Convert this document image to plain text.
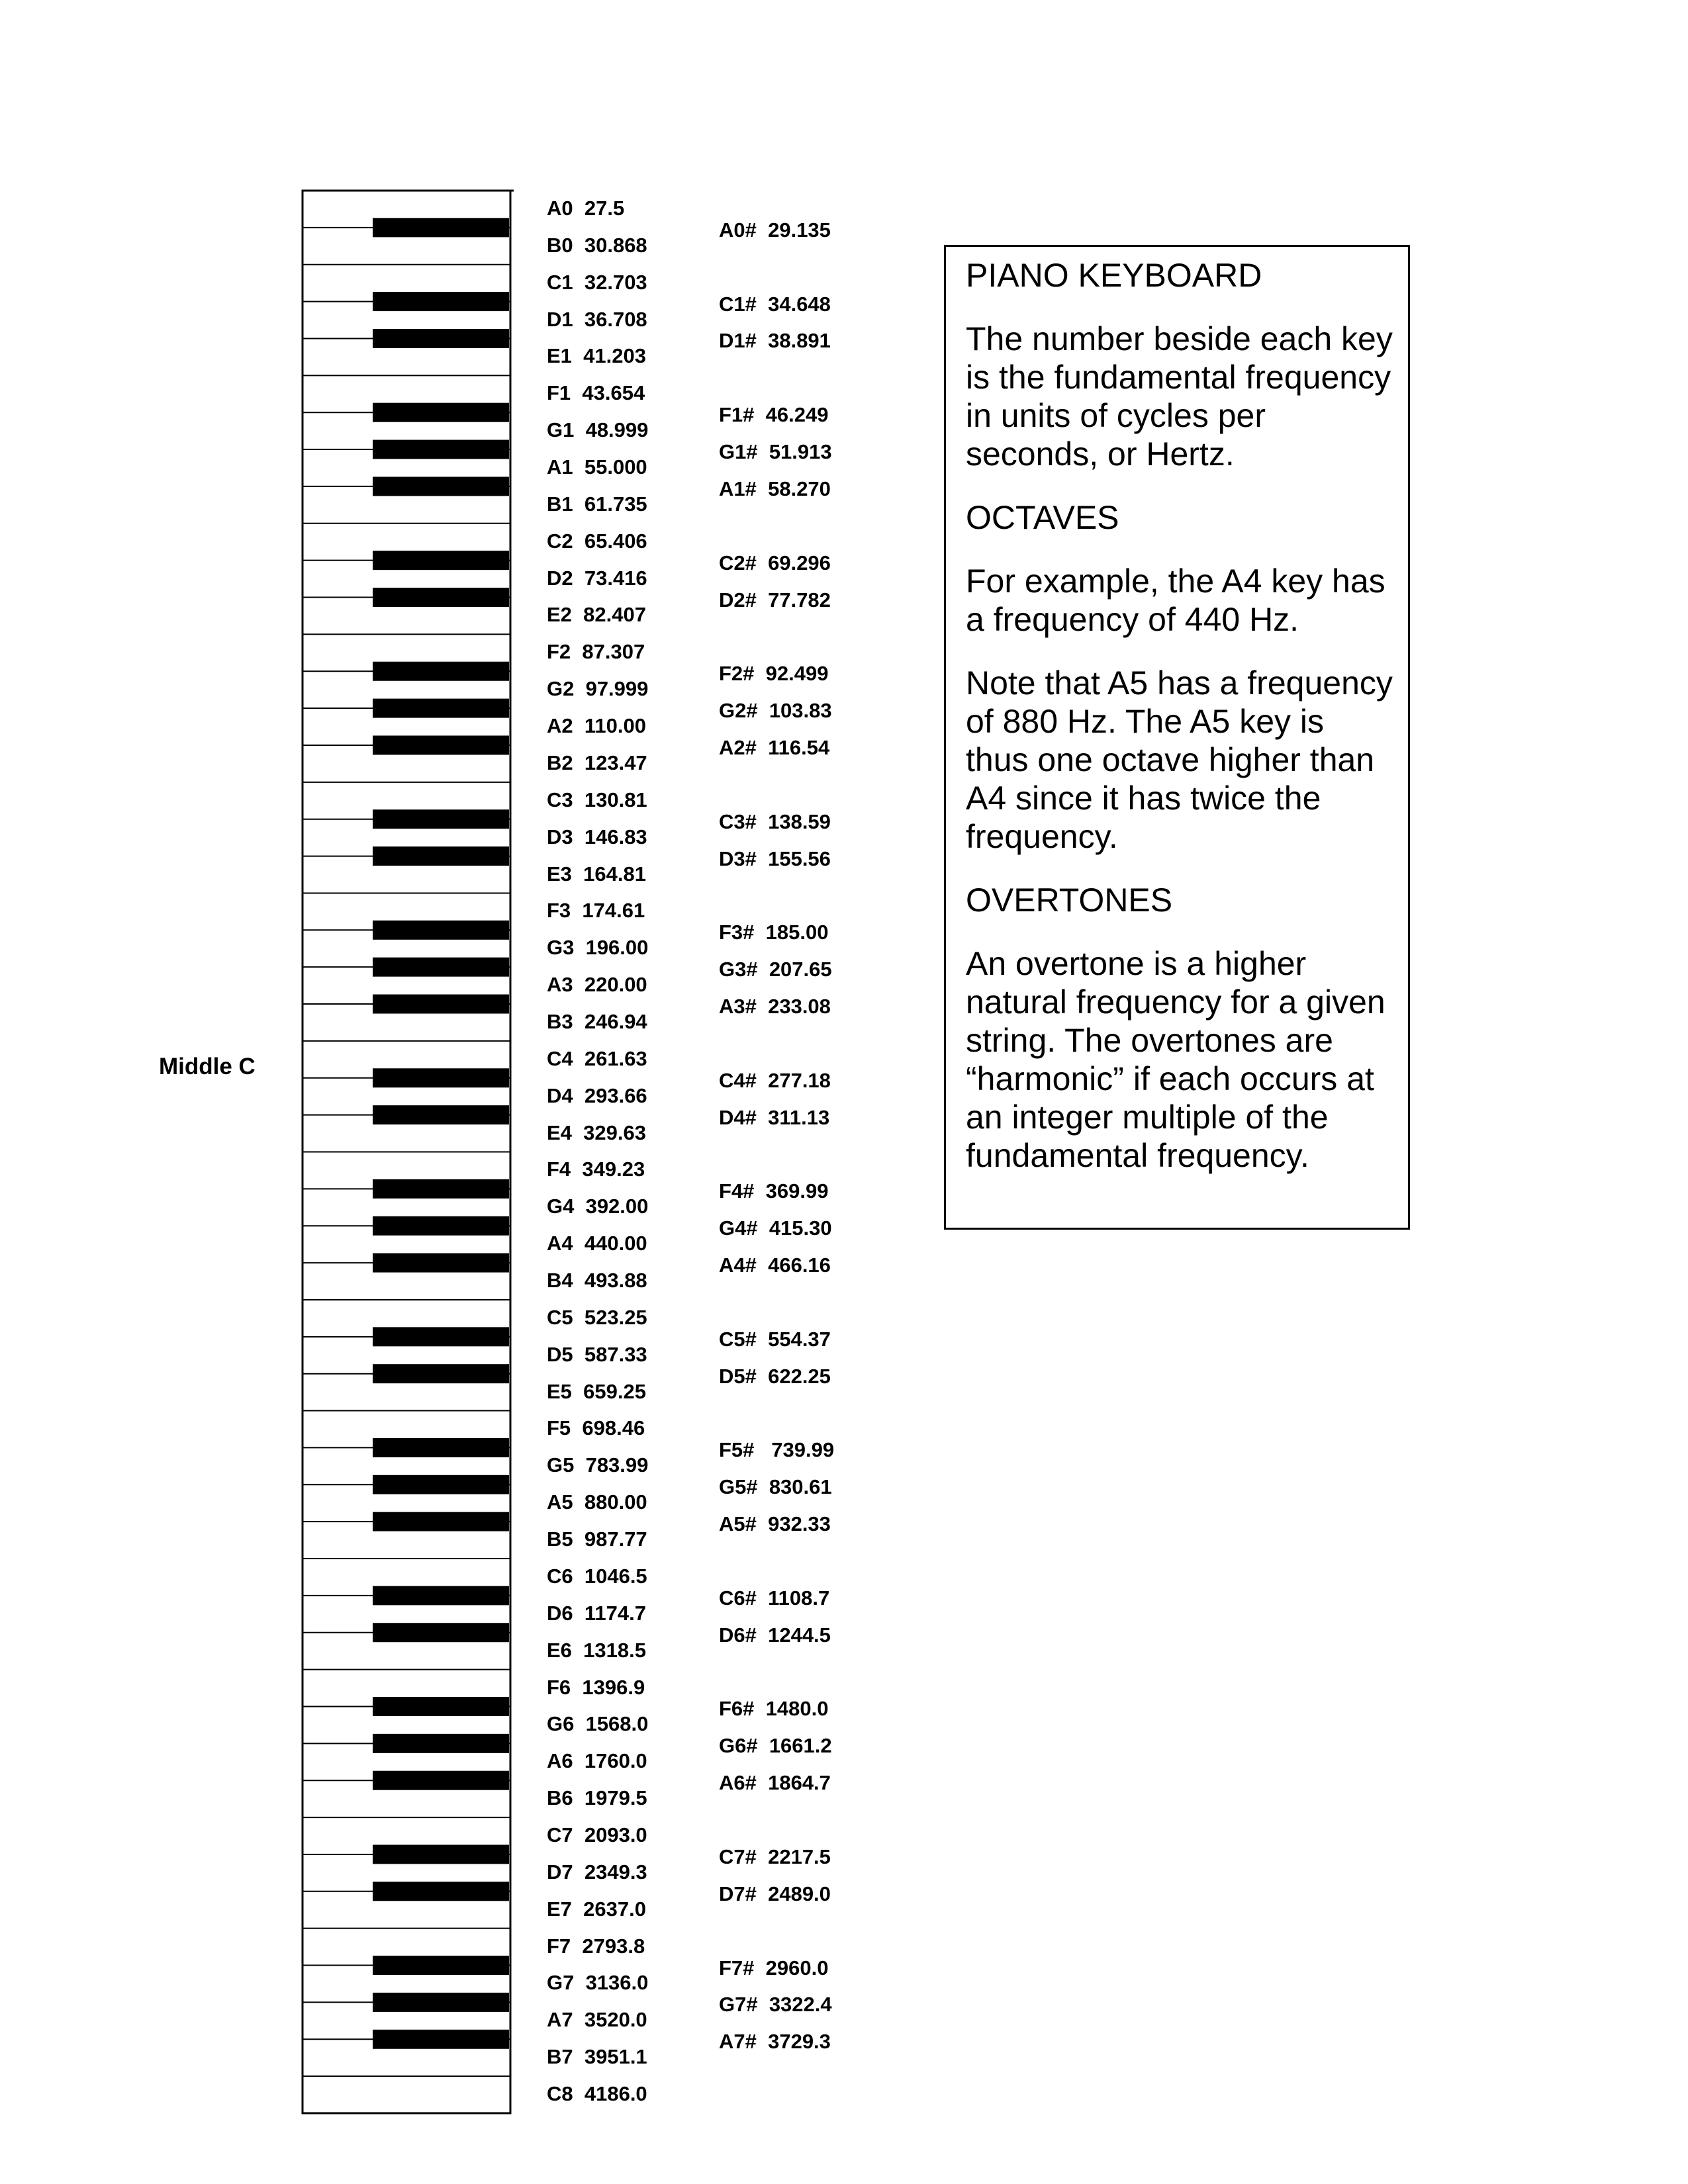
A0  27.5
B0  30.868
C1  32.703
D1  36.708
E1  41.203
F1  43.654
G1  48.999
A1  55.000
B1  61.735
C2  65.406
D2  73.416
E2  82.407
F2  87.307
G2  97.999
A2  110.00
B2  123.47
C3  130.81
D3  146.83
E3  164.81
F3  174.61
G3  196.00
A3  220.00
B3  246.94
C4  261.63
D4  293.66
E4  329.63
F4  349.23
G4  392.00
A4  440.00
B4  493.88
C5  523.25
D5  587.33
E5  659.25
F5  698.46
G5  783.99
A5  880.00
B5  987.77
C6  1046.5
D6  1174.7
E6  1318.5
F6  1396.9
G6  1568.0
A6  1760.0
B6  1979.5
C7  2093.0
D7  2349.3
E7  2637.0
F7  2793.8
G7  3136.0
A7  3520.0
B7  3951.1
C8  4186.0
A0#  29.135
C1#  34.648
D1#  38.891
F1#  46.249
G1#  51.913
A1#  58.270
C2#  69.296
D2#  77.782
F2#  92.499
G2#  103.83
A2#  116.54
C3#  138.59
D3#  155.56
F3#  185.00
G3#  207.65
A3#  233.08
C4#  277.18
D4#  311.13
F4#  369.99
G4#  415.30
A4#  466.16
C5#  554.37
D5#  622.25
F5#   739.99
G5#  830.61
A5#  932.33
C6#  1108.7
D6#  1244.5
F6#  1480.0
G6#  1661.2
A6#  1864.7
C7#  2217.5
D7#  2489.0
F7#  2960.0
G7#  3322.4
A7#  3729.3
Middle C
PIANO KEYBOARD

The number beside each key is the fundamental frequency in units of cycles per seconds, or Hertz.

OCTAVES

For example, the A4 key has a frequency of 440 Hz.

Note that A5 has a frequency of 880 Hz. The A5 key is thus one octave higher than A4 since it has twice the frequency.

OVERTONES

An overtone is a higher natural frequency for a given string. The overtones are “harmonic” if each occurs at an integer multiple of the fundamental frequency.
